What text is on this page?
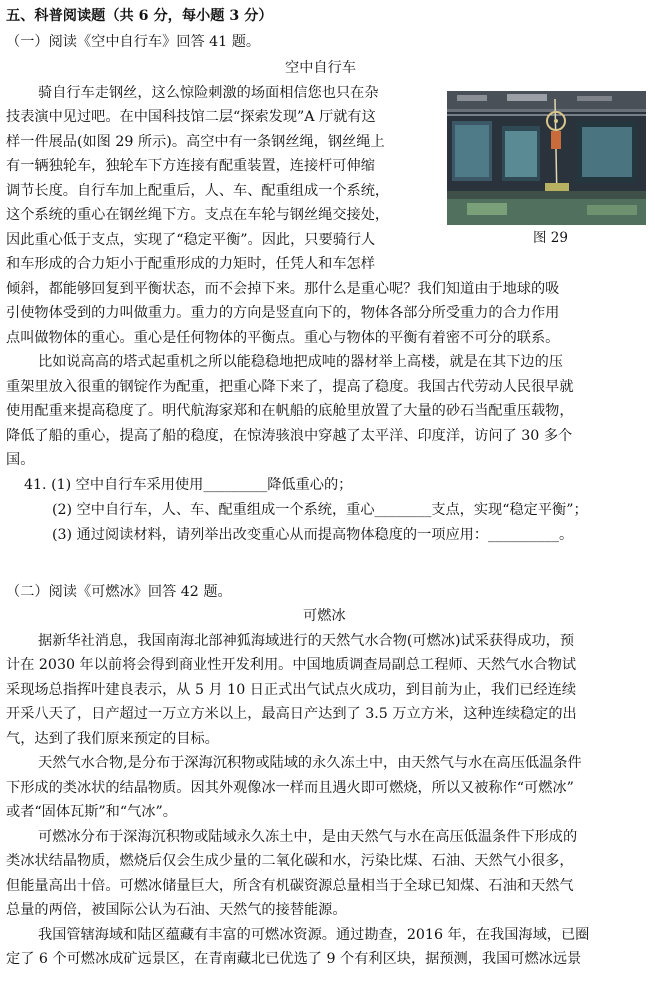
五、科普阅读题（共 6 分，每小题 3 分）
（一）阅读《空中自行车》回答 41 题。
空中自行车
图 29
骑自行车走钢丝，这么惊险刺激的场面相信您也只在杂
技表演中见过吧。在中国科技馆二层“探索发现”A 厅就有这
样一件展品(如图 29 所示)。高空中有一条钢丝绳，钢丝绳上
有一辆独轮车，独轮车下方连接有配重装置，连接杆可伸缩
调节长度。自行车加上配重后，人、车、配重组成一个系统，
这个系统的重心在钢丝绳下方。支点在车轮与钢丝绳交接处，
因此重心低于支点，实现了“稳定平衡”。因此，只要骑行人
和车形成的合力矩小于配重形成的力矩时，任凭人和车怎样
倾斜，都能够回复到平衡状态，而不会掉下来。那什么是重心呢？我们知道由于地球的吸
引使物体受到的力叫做重力。重力的方向是竖直向下的，物体各部分所受重力的合力作用
点叫做物体的重心。重心是任何物体的平衡点。重心与物体的平衡有着密不可分的联系。
比如说高高的塔式起重机之所以能稳稳地把成吨的器材举上高楼，就是在其下边的压
重架里放入很重的钢锭作为配重，把重心降下来了，提高了稳度。我国古代劳动人民很早就
使用配重来提高稳度了。明代航海家郑和在帆船的底舱里放置了大量的砂石当配重压载物，
降低了船的重心，提高了船的稳度，在惊涛骇浪中穿越了太平洋、印度洋，访问了 30 多个
国。
41. (1) 空中自行车采用使用_________降低重心的；
(2) 空中自行车，人、车、配重组成一个系统，重心________支点，实现“稳定平衡”；
(3) 通过阅读材料，请列举出改变重心从而提高物体稳度的一项应用：__________。
（二）阅读《可燃冰》回答 42 题。
可燃冰
据新华社消息，我国南海北部神狐海域进行的天然气水合物(可燃冰)试采获得成功，预
计在 2030 年以前将会得到商业性开发利用。中国地质调查局副总工程师、天然气水合物试
采现场总指挥叶建良表示，从 5 月 10 日正式出气试点火成功，到目前为止，我们已经连续
开采八天了，日产超过一万立方米以上，最高日产达到了 3.5 万立方米，这种连续稳定的出
气，达到了我们原来预定的目标。
天然气水合物,是分布于深海沉积物或陆域的永久冻土中，由天然气与水在高压低温条件
下形成的类冰状的结晶物质。因其外观像冰一样而且遇火即可燃烧，所以又被称作“可燃冰”
或者“固体瓦斯”和“气冰”。
可燃冰分布于深海沉积物或陆域永久冻土中，是由天然气与水在高压低温条件下形成的
类冰状结晶物质，燃烧后仅会生成少量的二氧化碳和水，污染比煤、石油、天然气小很多，
但能量高出十倍。可燃冰储量巨大，所含有机碳资源总量相当于全球已知煤、石油和天然气
总量的两倍，被国际公认为石油、天然气的接替能源。
我国管辖海域和陆区蕴藏有丰富的可燃冰资源。通过勘查，2016 年，在我国海域，已圈
定了 6 个可燃冰成矿远景区，在青南藏北已优选了 9 个有利区块，据预测，我国可燃冰远景
